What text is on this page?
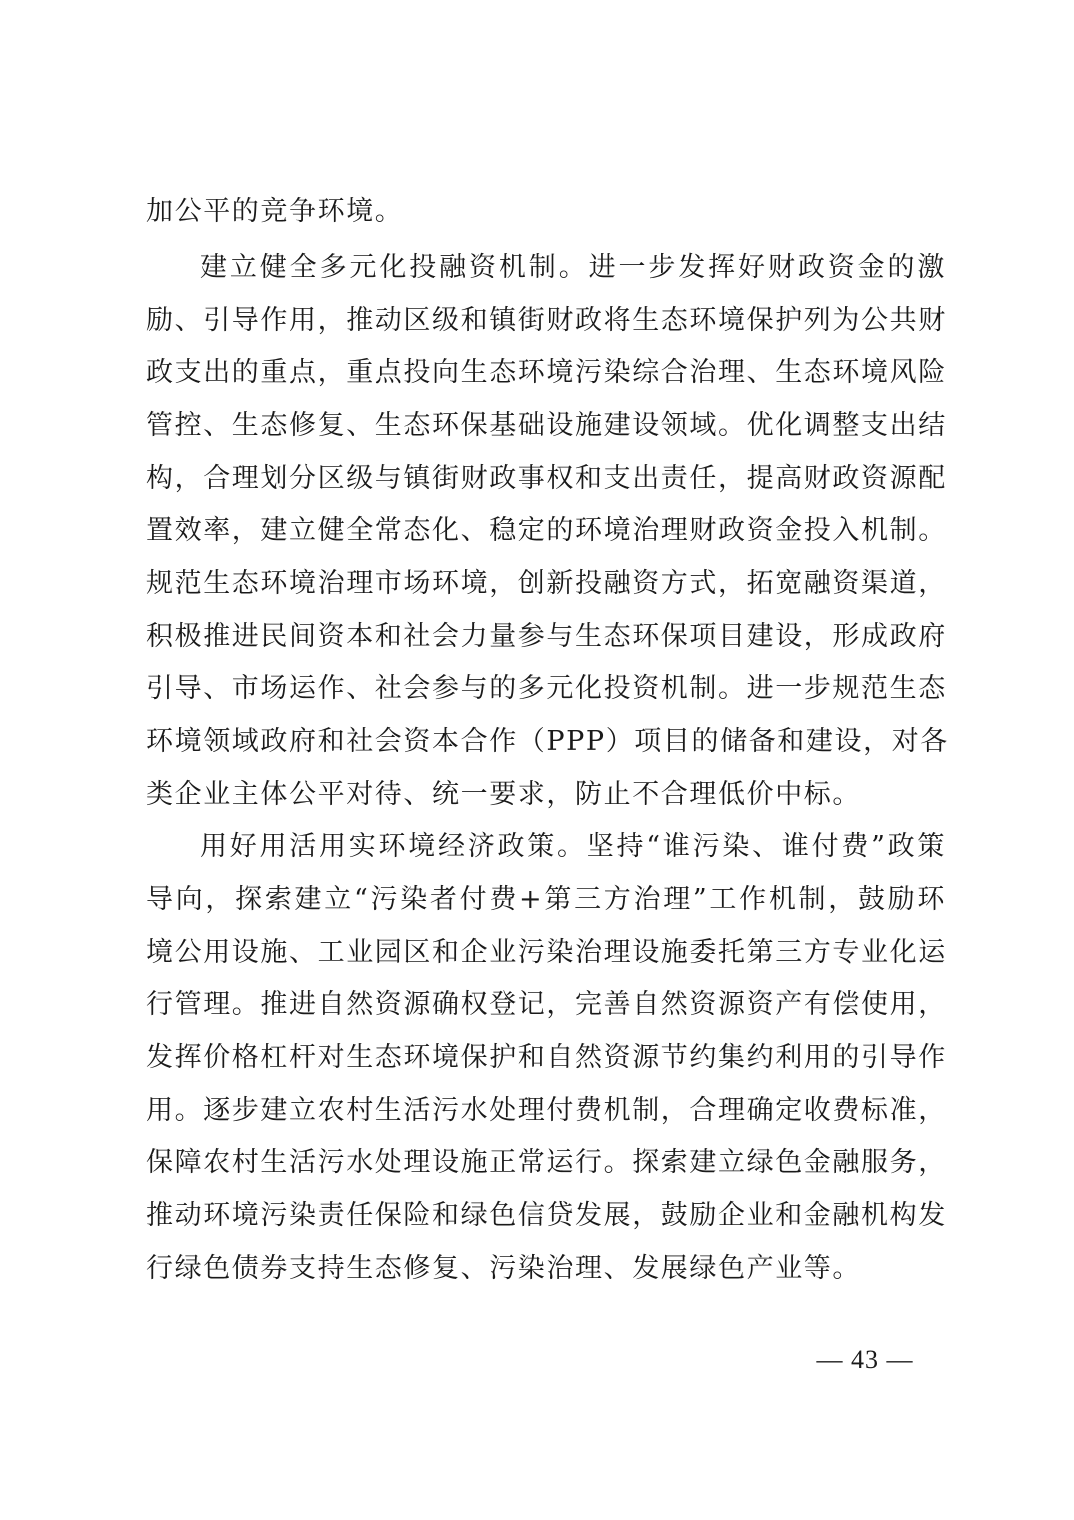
加公平的竞争环境。
建立健全多元化投融资机制。进一步发挥好财政资金的激
励、引导作用，推动区级和镇街财政将生态环境保护列为公共财
政支出的重点，重点投向生态环境污染综合治理、生态环境风险
管控、生态修复、生态环保基础设施建设领域。优化调整支出结
构，合理划分区级与镇街财政事权和支出责任，提高财政资源配
置效率，建立健全常态化、稳定的环境治理财政资金投入机制。
规范生态环境治理市场环境，创新投融资方式，拓宽融资渠道，
积极推进民间资本和社会力量参与生态环保项目建设，形成政府
引导、市场运作、社会参与的多元化投资机制。进一步规范生态
环境领域政府和社会资本合作（PPP）项目的储备和建设，对各
类企业主体公平对待、统一要求，防止不合理低价中标。
用好用活用实环境经济政策。坚持“谁污染、谁付费”政策
导向，探索建立“污染者付费+第三方治理”工作机制，鼓励环
境公用设施、工业园区和企业污染治理设施委托第三方专业化运
行管理。推进自然资源确权登记，完善自然资源资产有偿使用，
发挥价格杠杆对生态环境保护和自然资源节约集约利用的引导作
用。逐步建立农村生活污水处理付费机制，合理确定收费标准，
保障农村生活污水处理设施正常运行。探索建立绿色金融服务，
推动环境污染责任保险和绿色信贷发展，鼓励企业和金融机构发
行绿色债券支持生态修复、污染治理、发展绿色产业等。
— 43 —
